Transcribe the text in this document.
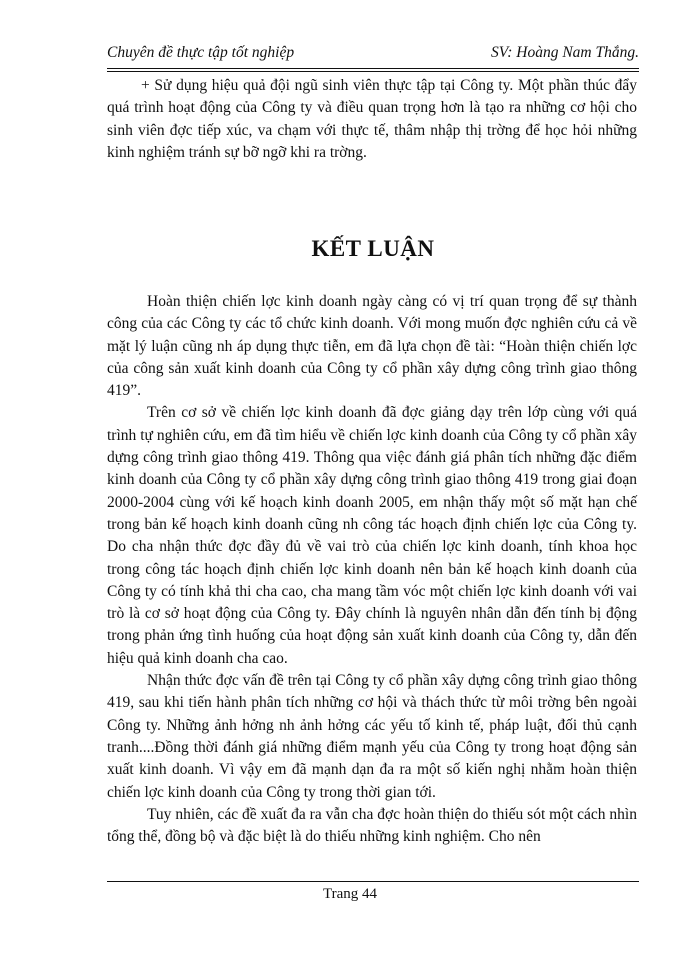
Chuyên đề thực tập tốt nghiệp	SV: Hoàng Nam Thắng.

+ Sử dụng hiệu quả đội ngũ sinh viên thực tập tại Công ty. Một phần thúc đẩy quá trình hoạt động của Công ty và điều quan trọng hơn là tạo ra những cơ hội cho sinh viên đợc tiếp xúc, va chạm với thực tế, thâm nhập thị trờng để học hỏi những kinh nghiệm tránh sự bỡ ngỡ khi ra trờng.

KẾT LUẬN

Hoàn thiện chiến lợc kinh doanh ngày càng có vị trí quan trọng để sự thành công của các Công ty các tổ chức kinh doanh. Với mong muốn đợc nghiên cứu cả về mặt lý luận cũng nh áp dụng thực tiễn, em đã lựa chọn đề tài: “Hoàn thiện chiến lợc của công sản xuất kinh doanh của Công ty cổ phần xây dựng công trình giao thông 419”.

Trên cơ sở về chiến lợc kinh doanh đã đợc giảng dạy trên lớp cùng với quá trình tự nghiên cứu, em đã tìm hiểu về chiến lợc kinh doanh của Công ty cổ phần xây dựng công trình giao thông 419. Thông qua việc đánh giá phân tích những đặc điểm kinh doanh của Công ty cổ phần xây dựng công trình giao thông 419 trong giai đoạn 2000-2004 cùng với kế hoạch kinh doanh 2005, em nhận thấy một số mặt hạn chế trong bản kế hoạch kinh doanh cũng nh công tác hoạch định chiến lợc của Công ty. Do cha nhận thức đợc đầy đủ về vai trò của chiến lợc kinh doanh, tính khoa học trong công tác hoạch định chiến lợc kinh doanh nên bản kế hoạch kinh doanh của Công ty có tính khả thi cha cao, cha mang tầm vóc một chiến lợc kinh doanh với vai trò là cơ sở hoạt động của Công ty. Đây chính là nguyên nhân dẫn đến tính bị động trong phản ứng tình huống của hoạt động sản xuất kinh doanh của Công ty, dẫn đến hiệu quả kinh doanh cha cao.

Nhận thức đợc vấn đề trên tại Công ty cổ phần xây dựng công trình giao thông 419, sau khi tiến hành phân tích những cơ hội và thách thức từ môi trờng bên ngoài Công ty. Những ảnh hởng nh ảnh hởng các yếu tố kinh tế, pháp luật, đối thủ cạnh tranh....Đồng thời đánh giá những điểm mạnh yếu của Công ty trong hoạt động sản xuất kinh doanh. Vì vậy em đã mạnh dạn đa ra một số kiến nghị nhằm hoàn thiện chiến lợc kinh doanh của Công ty trong thời gian tới.

Tuy nhiên, các đề xuất đa ra vẫn cha đợc hoàn thiện do thiếu sót một cách nhìn tổng thể, đồng bộ và đặc biệt là do thiếu những kinh nghiệm. Cho nên

Trang 44
